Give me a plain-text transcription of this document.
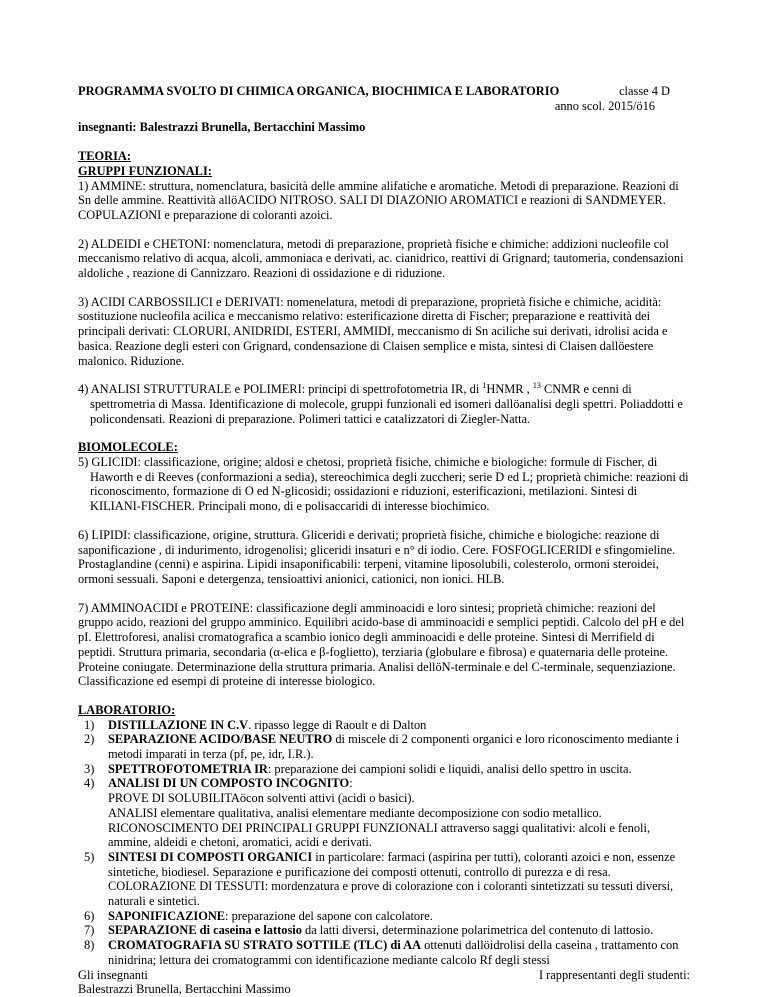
PROGRAMMA SVOLTO DI CHIMICA ORGANICA, BIOCHIMICA E LABORATORIO	classe 4 D
anno scol. 2015/ö16
insegnanti: Balestrazzi Brunella, Bertacchini Massimo
TEORIA:
GRUPPI FUNZIONALI:

1) AMMINE: struttura, nomenclatura, basicità delle ammine alifatiche e aromatiche. Metodi di preparazione. Reazioni di Sn delle ammine. Reattività allöACIDO NITROSO. SALI DI DIAZONIO AROMATICI e reazioni di SANDMEYER. COPULAZIONI e preparazione di coloranti azoici.

2) ALDEIDI e CHETONI: nomenclatura, metodi di preparazione, proprietà fisiche e chimiche: addizioni nucleofile col meccanismo relativo di acqua, alcoli, ammoniaca e derivati, ac. cianidrico, reattivi di Grignard; tautomeria, condensazioni aldoliche , reazione di Cannizzaro. Reazioni di ossidazione e di riduzione.

3) ACIDI CARBOSSILICI e DERIVATI: nomenelatura, metodi di preparazione, proprietà fisiche e chimiche, acidità: sostituzione nucleofila acilica e meccanismo relativo: esterificazione diretta di Fischer; preparazione e reattività dei principali derivati: CLORURI, ANIDRIDI, ESTERI, AMMIDI, meccanismo di Sn aciliche sui derivati, idrolisi acida e basica. Reazione degli esteri con Grignard, condensazione di Claisen semplice e mista, sintesi di Claisen dallöestere malonico. Riduzione.

4) ANALISI STRUTTURALE e POLIMERI: principi di spettrofotometria IR, di $^1$HNMR , $^{13}$ CNMR e cenni di spettrometria di Massa. Identificazione di molecole, gruppi funzionali ed isomeri dallöanalisi degli spettri. Poliaddotti e policondensati. Reazioni di preparazione. Polimeri tattici e catalizzatori di Ziegler-Natta.

BIOMOLECOLE:

5) GLICIDI: classificazione, origine; aldosi e chetosi, proprietà fisiche, chimiche e biologiche: formule di Fischer, di Haworth e di Reeves (conformazioni a sedia), stereochimica degli zuccheri; serie D ed L; proprietà chimiche: reazioni di riconoscimento, formazione di O ed N-glicosidi; ossidazioni e riduzioni, esterificazioni, metilazioni. Sintesi di KILIANI-FISCHER. Principali mono, di e polisaccaridi di interesse biochimico.

6) LIPIDI: classificazione, origine, struttura. Gliceridi e derivati; proprietà fisiche, chimiche e biologiche: reazione di saponificazione , di indurimento, idrogenolisi; gliceridi insaturi e n° di iodio. Cere. FOSFOGLICERIDI e sfingomieline. Prostaglandine (cenni) e aspirina. Lipidi insaponificabili: terpeni, vitamine liposolubili, colesterolo, ormoni steroidei, ormoni sessuali. Saponi e detergenza, tensioattivi anionici, cationici, non ionici. HLB.

7) AMMINOACIDI e PROTEINE: classificazione degli amminoacidi e loro sintesi; proprietà chimiche: reazioni del gruppo acido, reazioni del gruppo amminico. Equilibri acido-base di amminoacidi e semplici peptidi. Calcolo del pH e del pI. Elettroforesi, analisi cromatografica a scambio ionico degli amminoacidi e delle proteine. Sintesi di Merrifield di peptidi. Struttura primaria, secondaria (α-elica e β-foglietto), terziaria (globulare e fibrosa) e quaternaria delle proteine. Proteine coniugate. Determinazione della struttura primaria. Analisi dellöN-terminale e del C-terminale, sequenziazione. Classificazione ed esempi di proteine di interesse biologico.

LABORATORIO:
1) DISTILLAZIONE IN C.V. ripasso legge di Raoult e di Dalton
2) SEPARAZIONE ACIDO/BASE NEUTRO di miscele di 2 componenti organici e loro riconoscimento mediante i metodi imparati in terza (pf, pe, idr, I.R.).
3) SPETTROFOTOMETRIA IR: preparazione dei campioni solidi e liquidi, analisi dello spettro in uscita.
4) ANALISI DI UN COMPOSTO INCOGNITO:
PROVE DI SOLUBILITAöcon solventi attivi (acidi o basici).
ANALISI elementare qualitativa, analisi elementare mediante decomposizione con sodio metallico.
RICONOSCIMENTO DEI PRINCIPALI GRUPPI FUNZIONALI attraverso saggi qualitativi: alcoli e fenoli, ammine, aldeidi e chetoni, aromatici, acidi e derivati.
5) SINTESI DI COMPOSTI ORGANICI in particolare: farmaci (aspirina per tutti), coloranti azoici e non, essenze sintetiche, biodiesel. Separazione e purificazione dei composti ottenuti, controllo di purezza e di resa.
COLORAZIONE DI TESSUTI: mordenzatura e prove di colorazione con i coloranti sintetizzati su tessuti diversi, naturali e sintetici.
6) SAPONIFICAZIONE: preparazione del sapone con calcolatore.
7) SEPARAZIONE di caseina e lattosio da latti diversi, determinazione polarimetrica del contenuto di lattosio.
8) CROMATOGRAFIA SU STRATO SOTTILE (TLC) di AA ottenuti dallöidrolisi della caseina , trattamento con ninidrina; lettura dei cromatogrammi con identificazione mediante calcolo Rf degli stessi
Gli insegnanti	I rappresentanti degli studenti:
Balestrazzi Brunella, Bertacchini Massimo
